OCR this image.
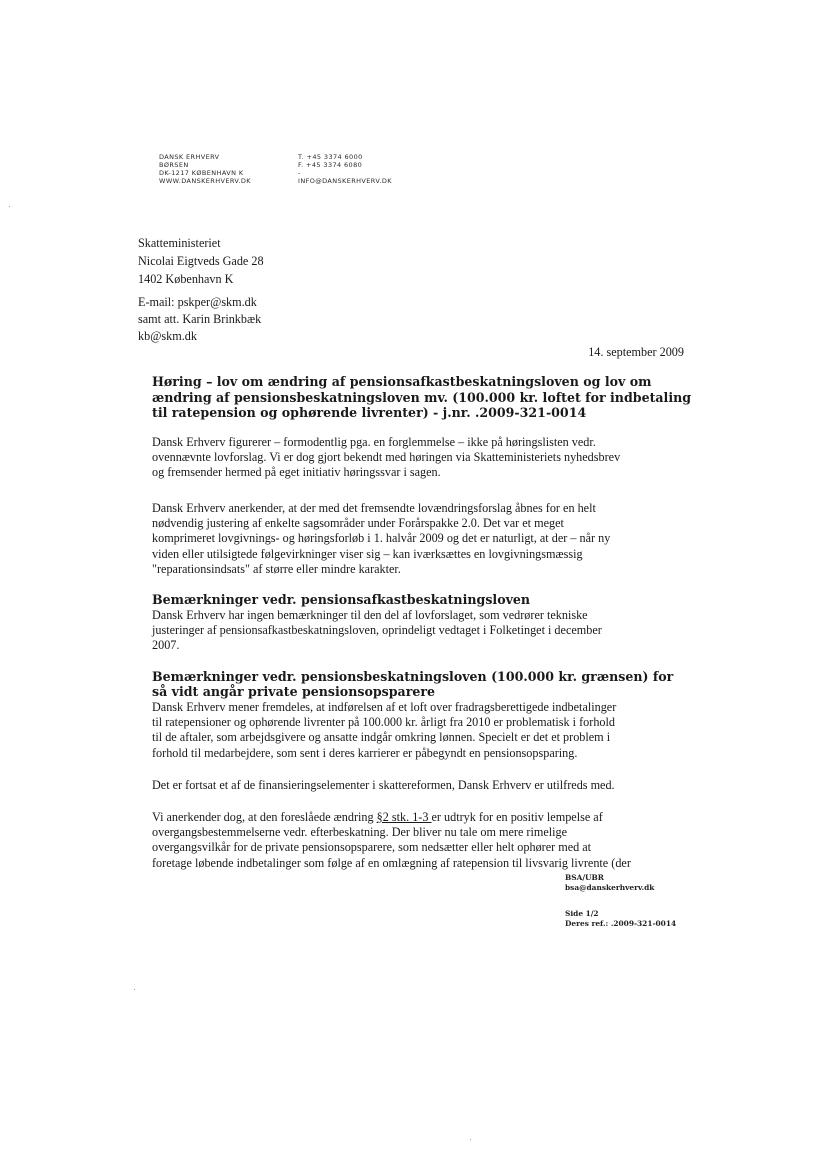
DANSK ERHVERV
BØRSEN
DK-1217 KØBENHAVN K
WWW.DANSKERHVERV.DK
T. +45 3374 6000
F. +45 3374 6080
-
INFO@DANSKERHVERV.DK
Skatteministeriet
Nicolai Eigtveds Gade 28
1402 København K
E-mail: pskper@skm.dk
samt att. Karin Brinkbæk
kb@skm.dk
14. september 2009
Høring – lov om ændring af pensionsafkastbeskatningsloven og lov om
ændring af pensionsbeskatningsloven mv. (100.000 kr. loftet for indbetaling
til ratepension og ophørende livrenter) - j.nr. .2009-321-0014
Dansk Erhverv figurerer – formodentlig pga. en forglemmelse – ikke på høringslisten vedr.
ovennævnte lovforslag. Vi er dog gjort bekendt med høringen via Skatteministeriets nyhedsbrev
og fremsender hermed på eget initiativ høringssvar i sagen.
Dansk Erhverv anerkender, at der med det fremsendte lovændringsforslag åbnes for en helt
nødvendig justering af enkelte sagsområder under Forårspakke 2.0. Det var et meget
komprimeret lovgivnings- og høringsforløb i 1. halvår 2009 og det er naturligt, at der – når ny
viden eller utilsigtede følgevirkninger viser sig – kan iværksættes en lovgivningsmæssig
"reparationsindsats" af større eller mindre karakter.
Bemærkninger vedr. pensionsafkastbeskatningsloven
Dansk Erhverv har ingen bemærkninger til den del af lovforslaget, som vedrører tekniske
justeringer af pensionsafkastbeskatningsloven, oprindeligt vedtaget i Folketinget i december
2007.
Bemærkninger vedr. pensionsbeskatningsloven (100.000 kr. grænsen) for
så vidt angår private pensionsopsparere
Dansk Erhverv mener fremdeles, at indførelsen af et loft over fradragsberettigede indbetalinger
til ratepensioner og ophørende livrenter på 100.000 kr. årligt fra 2010 er problematisk i forhold
til de aftaler, som arbejdsgivere og ansatte indgår omkring lønnen. Specielt er det et problem i
forhold til medarbejdere, som sent i deres karrierer er påbegyndt en pensionsopsparing.
Det er fortsat et af de finansieringselementer i skattereformen, Dansk Erhverv er utilfreds med.
Vi anerkender dog, at den foreslåede ændring §2 stk. 1-3 er udtryk for en positiv lempelse af
overgangsbestemmelserne vedr. efterbeskatning. Der bliver nu tale om mere rimelige
overgangsvilkår for de private pensionsopsparere, som nedsætter eller helt ophører med at
foretage løbende indbetalinger som følge af en omlægning af ratepension til livsvarig livrente (der
BSA/UBR
bsa@danskerhverv.dk
Side 1/2
Deres ref.: .2009-321-0014
